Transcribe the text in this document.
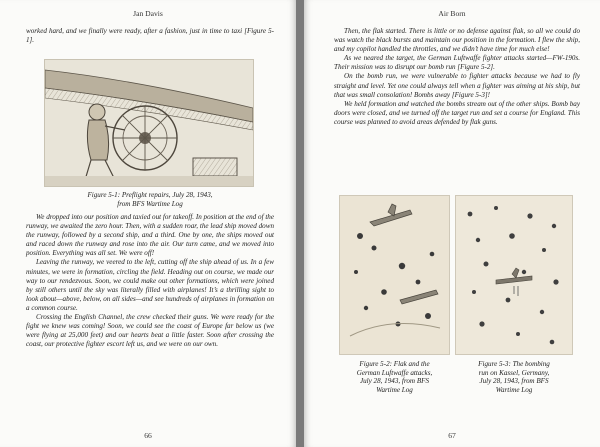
Jan Davis

worked hard, and we finally were ready, after a fashion, just in time to taxi [Figure 5-1].

Figure 5-1: Preflight repairs, July 28, 1943,
from BFS Wartime Log

We dropped into our position and taxied out for takeoff. In position at the end of the runway, we awaited the zero hour. Then, with a sudden roar, the lead ship moved down the runway, followed by a second ship, and a third. One by one, the ships moved out and raced down the runway and rose into the air. Our turn came, and we moved into position. Everything was all set. We were off!

Leaving the runway, we veered to the left, cutting off the ship ahead of us. In a few minutes, we were in formation, circling the field. Heading out on course, we made our way to our rendezvous. Soon, we could make out other formations, which were joined by still others until the sky was literally filled with airplanes! It’s a thrilling sight to look about—above, below, on all sides—and see hundreds of airplanes in formation on a common course.

Crossing the English Channel, the crew checked their guns. We were ready for the fight we knew was coming! Soon, we could see the coast of Europe far below us (we were flying at 25,000 feet) and our hearts beat a little faster. Soon after crossing the coast, our protective fighter escort left us, and we were on our own.

66
Air Born

Then, the flak started. There is little or no defense against flak, so all we could do was watch the black bursts and maintain our position in the formation. I flew the ship, and my copilot handled the throttles, and we didn’t have time for much else!

As we neared the target, the German Luftwaffe fighter attacks started—FW-190s. Their mission was to disrupt our bomb run [Figure 5-2].

On the bomb run, we were vulnerable to fighter attacks because we had to fly straight and level. Yet one could always tell when a fighter was aiming at his ship, but that was small consolation! Bombs away [Figure 5-3]!

We held formation and watched the bombs stream out of the other ships. Bomb bay doors were closed, and we turned off the target run and set a course for England. This course was planned to avoid areas defended by flak guns.

67
Figure 5-2: Flak and the
German Luftwaffe attacks,
July 28, 1943, from BFS
Wartime Log
Figure 5-3: The bombing
run on Kassel, Germany,
July 28, 1943, from BFS
Wartime Log
